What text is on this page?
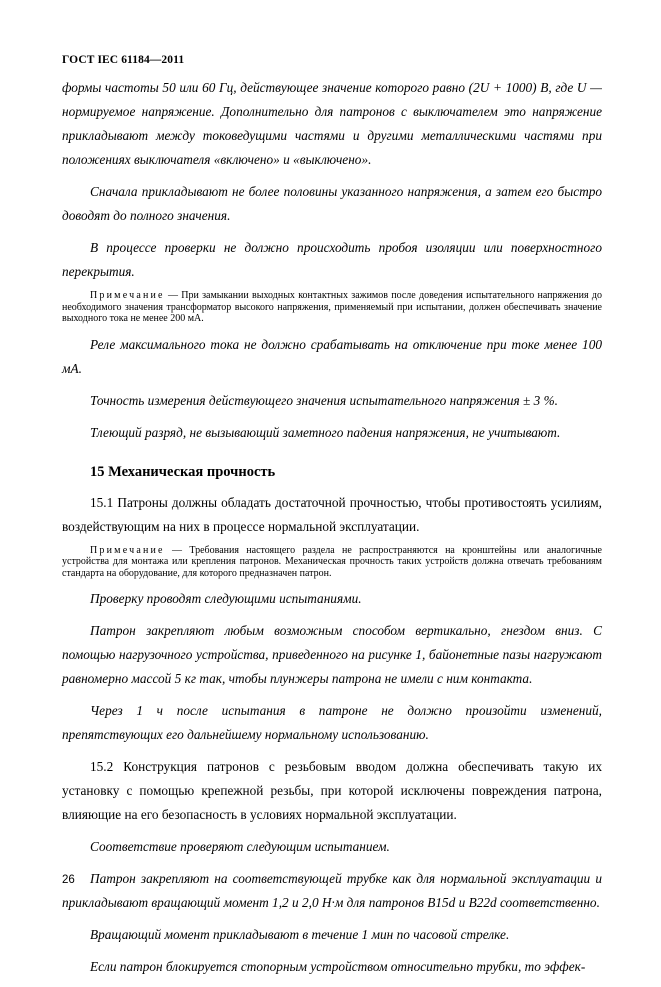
ГОСТ IEC 61184—2011

формы частоты 50 или 60 Гц, действующее значение которого равно (2U + 1000) В, где U — нормируемое напряжение. Дополнительно для патронов с выключателем это напряжение прикладывают между токоведущими частями и другими металлическими частями при положениях выключателя «включено» и «выключено».

Сначала прикладывают не более половины указанного напряжения, а затем его быстро доводят до полного значения.

В процессе проверки не должно происходить пробоя изоляции или поверхностного перекрытия.

Примечание — При замыкании выходных контактных зажимов после доведения испытательного напряжения до необходимого значения трансформатор высокого напряжения, применяемый при испытании, должен обеспечивать значение выходного тока не менее 200 мА.

Реле максимального тока не должно срабатывать на отключение при токе менее 100 мА.

Точность измерения действующего значения испытательного напряжения ± 3 %.

Тлеющий разряд, не вызывающий заметного падения напряжения, не учитывают.

15 Механическая прочность

15.1 Патроны должны обладать достаточной прочностью, чтобы противостоять усилиям, воздействующим на них в процессе нормальной эксплуатации.

Примечание — Требования настоящего раздела не распространяются на кронштейны или аналогичные устройства для монтажа или крепления патронов. Механическая прочность таких устройств должна отвечать требованиям стандарта на оборудование, для которого предназначен патрон.

Проверку проводят следующими испытаниями.

Патрон закрепляют любым возможным способом вертикально, гнездом вниз. С помощью нагрузочного устройства, приведенного на рисунке 1, байонетные пазы нагружают равномерно массой 5 кг так, чтобы плунжеры патрона не имели с ним контакта.

Через 1 ч после испытания в патроне не должно произойти изменений, препятствующих его дальнейшему нормальному использованию.

15.2 Конструкция патронов с резьбовым вводом должна обеспечивать такую их установку с помощью крепежной резьбы, при которой исключены повреждения патрона, влияющие на его безопасность в условиях нормальной эксплуатации.

Соответствие проверяют следующим испытанием.

Патрон закрепляют на соответствующей трубке как для нормальной эксплуатации и прикладывают вращающий момент 1,2 и 2,0 Н·м для патронов B15d и B22d соответственно.

Вращающий момент прикладывают в течение 1 мин по часовой стрелке.

Если патрон блокируется стопорным устройством относительно трубки, то эффек-

26
